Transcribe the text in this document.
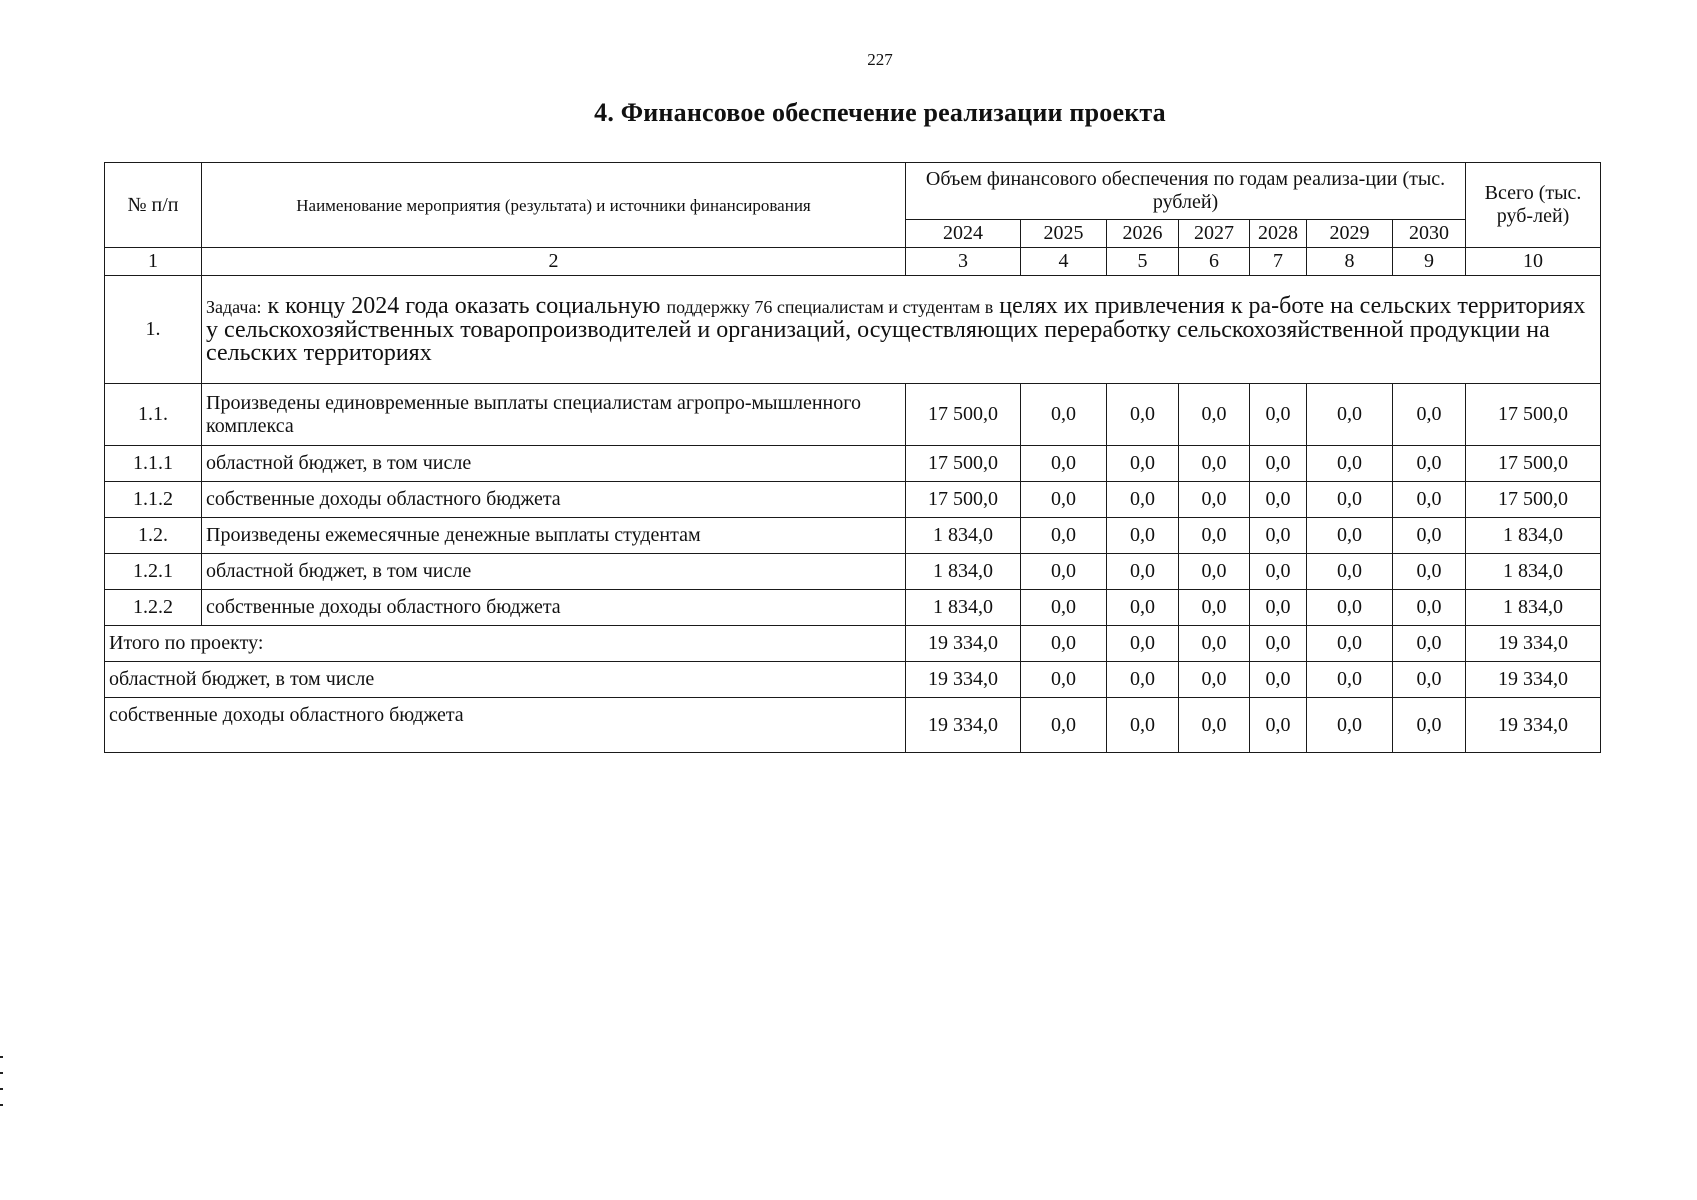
227
4. Финансовое обеспечение реализации проекта
№ п/п	Наименование мероприятия (результата) и источники финансирования	Объем финансового обеспечения по годам реализа-ции (тыс. рублей)							Всего (тыс. руб-лей)
		2024	2025	2026	2027	2028	2029	2030	
1	2	3	4	5	6	7	8	9	10
1.	Задача: к концу 2024 года оказать социальную поддержку 76 специалистам и студентам в целях их привлечения к ра-боте на сельских территориях у сельскохозяйственных товаропроизводителей и организаций, осуществляющих переработку сельскохозяйственной продукции на сельских территориях								
1.1.	Произведены единовременные выплаты специалистам агропро-мышленного комплекса	17 500,0	0,0	0,0	0,0	0,0	0,0	0,0	17 500,0
1.1.1	областной бюджет, в том числе	17 500,0	0,0	0,0	0,0	0,0	0,0	0,0	17 500,0
1.1.2	собственные доходы областного бюджета	17 500,0	0,0	0,0	0,0	0,0	0,0	0,0	17 500,0
1.2.	Произведены ежемесячные денежные выплаты студентам	1 834,0	0,0	0,0	0,0	0,0	0,0	0,0	1 834,0
1.2.1	областной бюджет, в том числе	1 834,0	0,0	0,0	0,0	0,0	0,0	0,0	1 834,0
1.2.2	собственные доходы областного бюджета	1 834,0	0,0	0,0	0,0	0,0	0,0	0,0	1 834,0
Итого по проекту:		19 334,0	0,0	0,0	0,0	0,0	0,0	0,0	19 334,0
областной бюджет, в том числе		19 334,0	0,0	0,0	0,0	0,0	0,0	0,0	19 334,0
собственные доходы областного бюджета		19 334,0	0,0	0,0	0,0	0,0	0,0	0,0	19 334,0
